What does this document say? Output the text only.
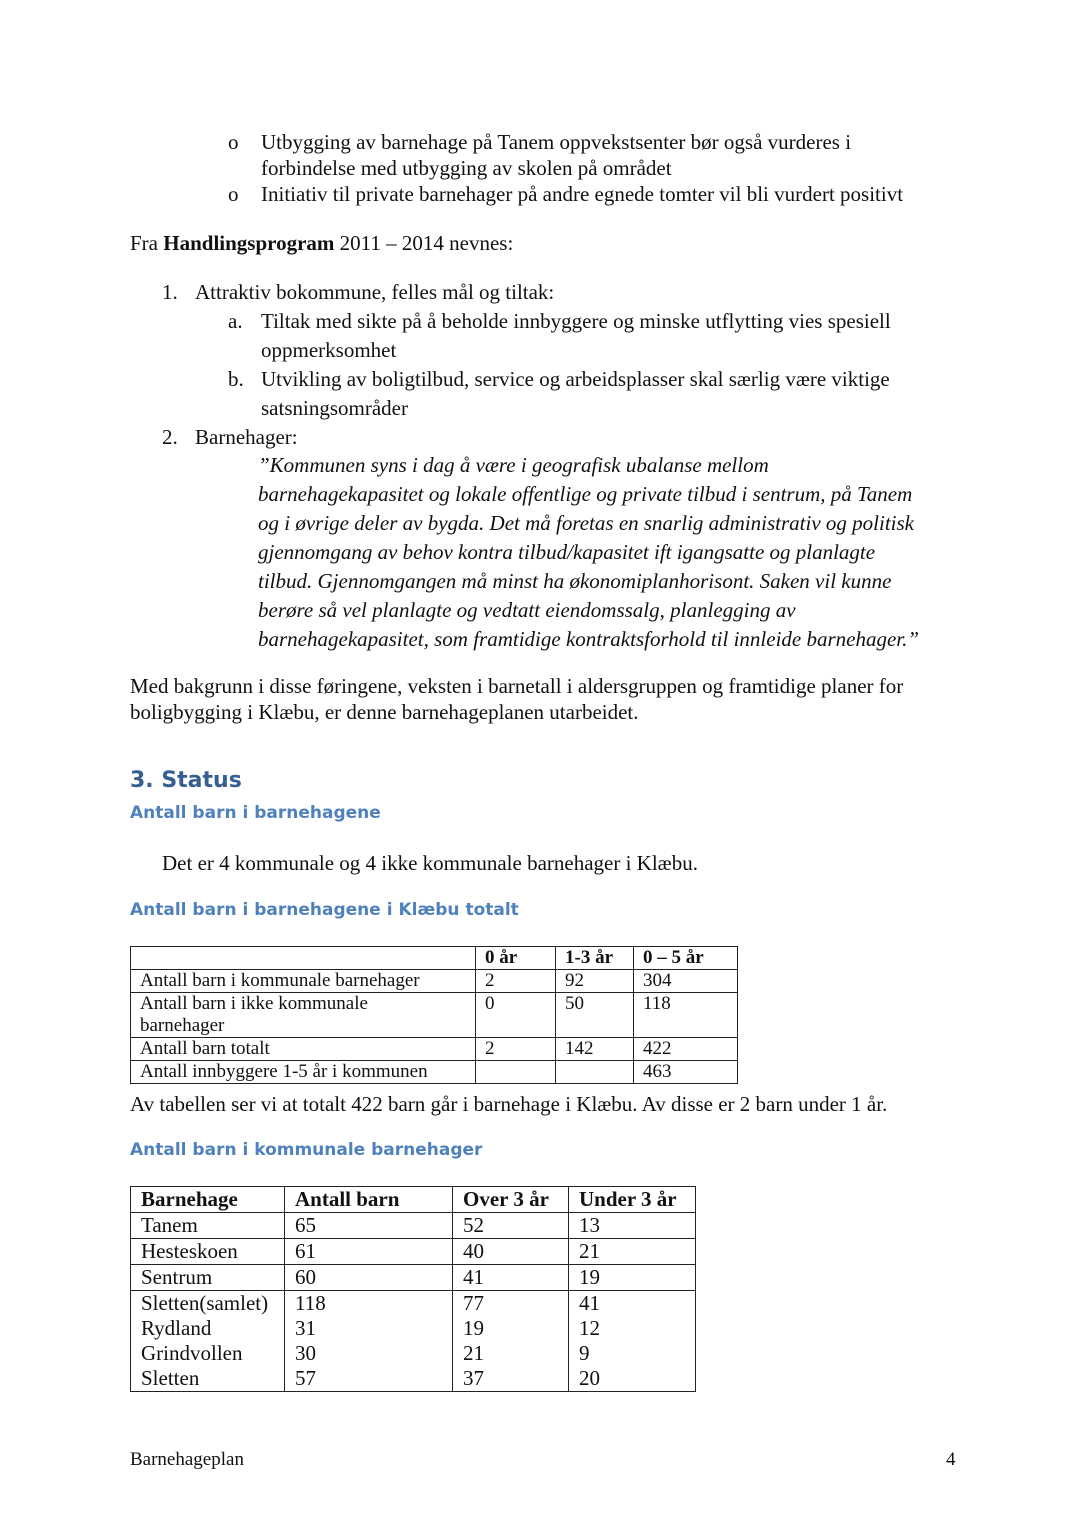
o Utbygging av barnehage på Tanem oppvekstsenter bør også vurderes i
forbindelse med utbygging av skolen på området
o Initiativ til private barnehager på andre egnede tomter vil bli vurdert positivt
Fra Handlingsprogram 2011 – 2014 nevnes:
1. Attraktiv bokommune, felles mål og tiltak:
a. Tiltak med sikte på å beholde innbyggere og minske utflytting vies spesiell
oppmerksomhet
b. Utvikling av boligtilbud, service og arbeidsplasser skal særlig være viktige
satsningsområder
2. Barnehager:
”Kommunen syns i dag å være i geografisk ubalanse mellom
barnehagekapasitet og lokale offentlige og private tilbud i sentrum, på Tanem
og i øvrige deler av bygda. Det må foretas en snarlig administrativ og politisk
gjennomgang av behov kontra tilbud/kapasitet ift igangsatte og planlagte
tilbud. Gjennomgangen må minst ha økonomiplanhorisont. Saken vil kunne
berøre så vel planlagte og vedtatt eiendomssalg, planlegging av
barnehagekapasitet, som framtidige kontraktsforhold til innleide barnehager.”
Med bakgrunn i disse føringene, veksten i barnetall i aldersgruppen og framtidige planer for
boligbygging i Klæbu, er denne barnehageplanen utarbeidet.
3. Status
Antall barn i barnehagene
Det er 4 kommunale og 4 ikke kommunale barnehager i Klæbu.
Antall barn i barnehagene i Klæbu totalt
	0 år	1-3 år	0 – 5 år
Antall barn i kommunale barnehager	2	92	304
Antall barn i ikke kommunale barnehager	0	50	118
Antall barn totalt	2	142	422
Antall innbyggere 1-5 år i kommunen			463
Av tabellen ser vi at totalt 422 barn går i barnehage i Klæbu. Av disse er 2 barn under 1 år.
Antall barn i kommunale barnehager
Barnehage	Antall barn	Over 3 år	Under 3 år
Tanem	65	52	13
Hesteskoen	61	40	21
Sentrum	60	41	19
Sletten(samlet)	118	77	41
Rydland	31	19	12
Grindvollen	30	21	9
Sletten	57	37	20
Barnehageplan	4
